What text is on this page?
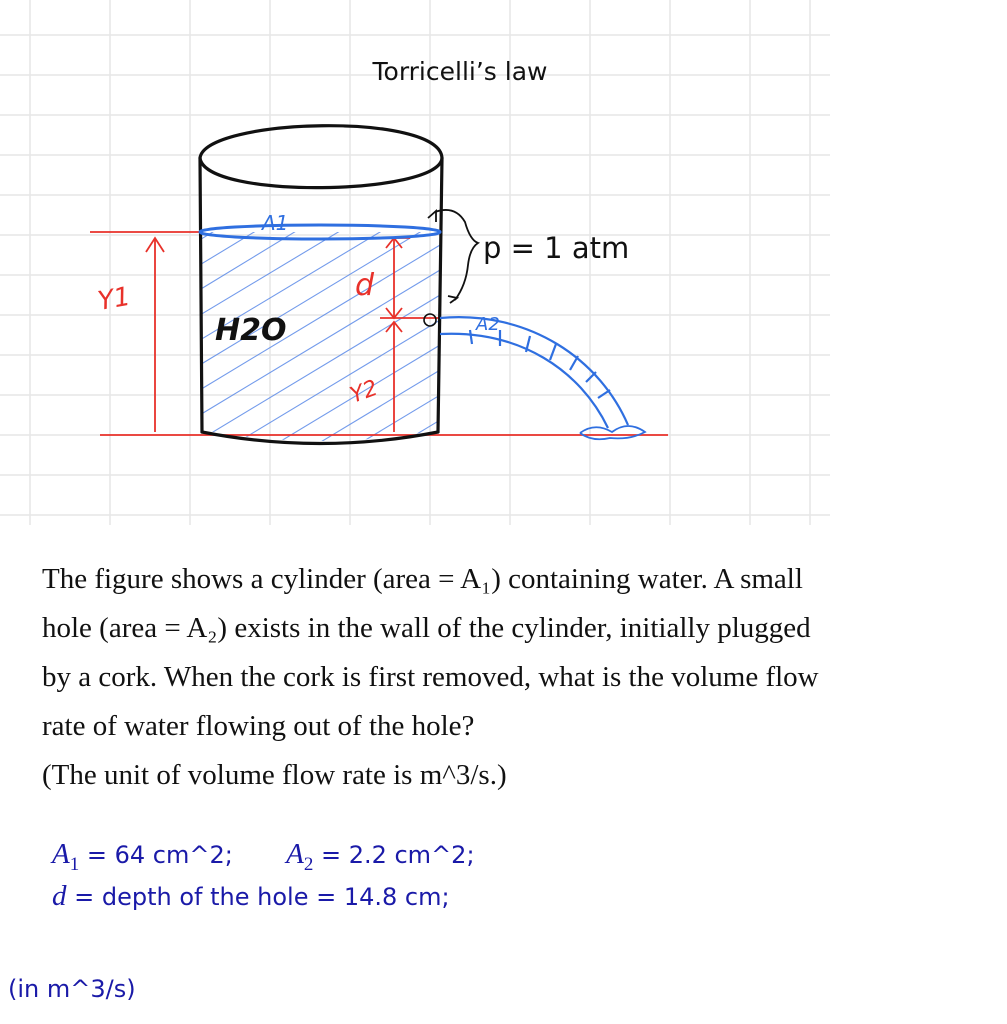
Torricelli’s law
p = 1 atm
A1
A2
H2O
d
Y1
Y2

The figure shows a cylinder (area = A₁) containing water. A small

hole (area = A₂) exists in the wall of the cylinder, initially plugged

by a cork. When the cork is first removed, what is the volume flow

rate of water flowing out of the hole?

(The unit of volume flow rate is m^3/s.)

$A_1 = 64$ cm^2; $A_2 = 2.2$ cm^2;
d = depth of the hole = 14.8 cm;
(in m^3/s)
